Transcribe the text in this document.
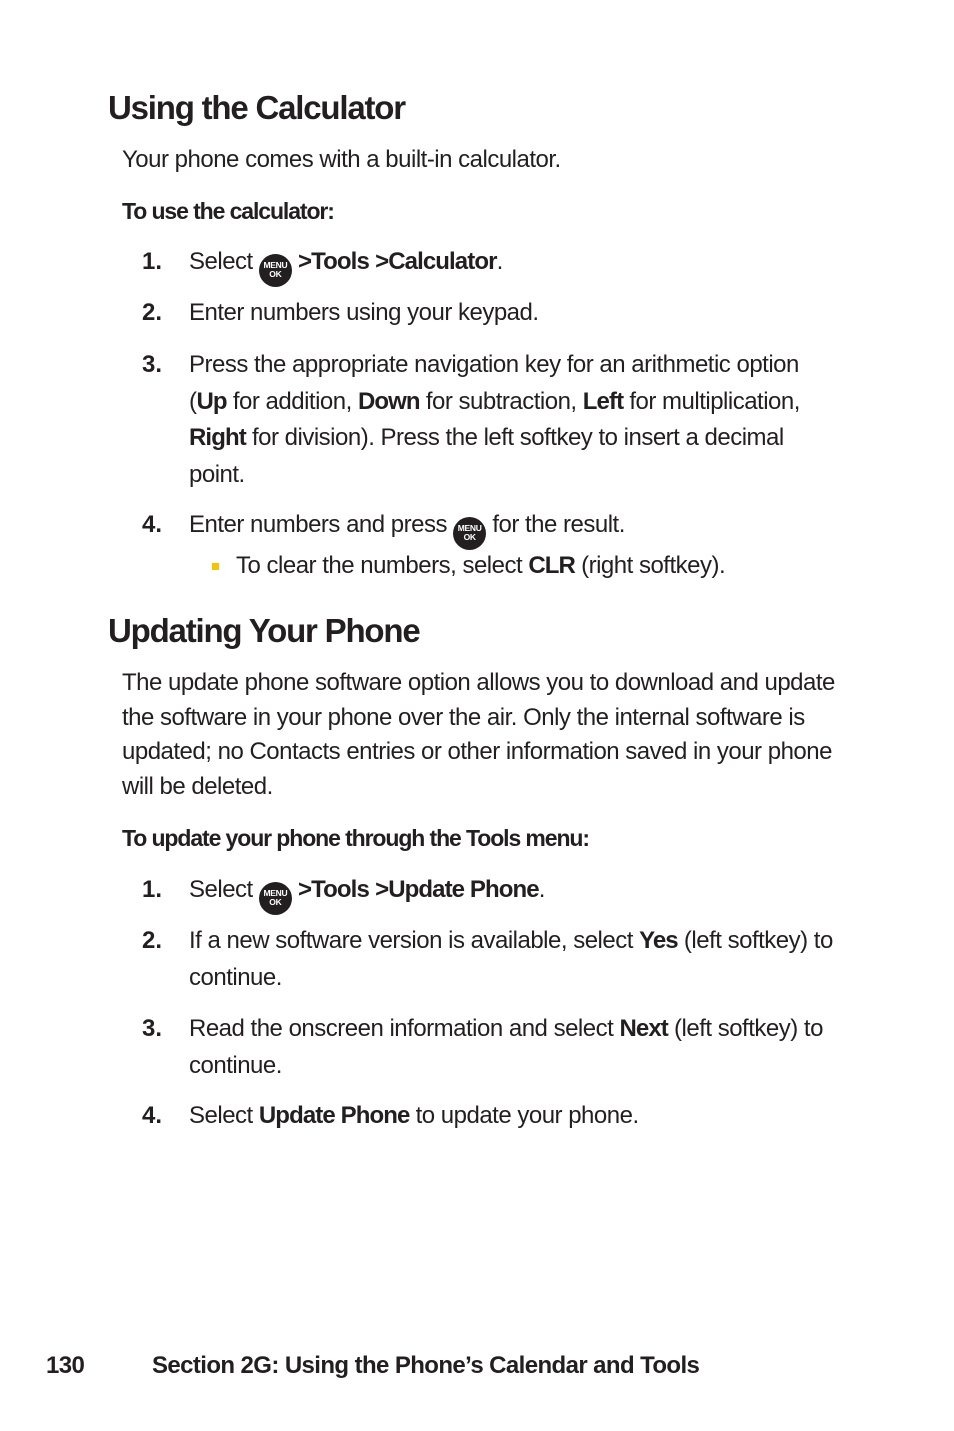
Using the Calculator

Your phone comes with a built-in calculator.

To use the calculator:

1. Select	MENU
OK >Tools >Calculator.
2. Enter numbers using your keypad.
3. Press the appropriate navigation key for an arithmetic option (Up for addition, Down for subtraction, Left for multiplication, Right for division). Press the left softkey to insert a decimal point.
4. Enter numbers and press	MENU
OK for the result.
To clear the numbers, select CLR (right softkey).
Updating Your Phone

The update phone software option allows you to download and update the software in your phone over the air. Only the internal software is updated; no Contacts entries or other information saved in your phone will be deleted.

To update your phone through the Tools menu:

1. Select	MENU
OK >Tools >Update Phone.
2. If a new software version is available, select Yes (left softkey) to continue.
3. Read the onscreen information and select Next (left softkey) to continue.
4. Select Update Phone to update your phone.
130	Section 2G: Using the Phone’s Calendar and Tools
